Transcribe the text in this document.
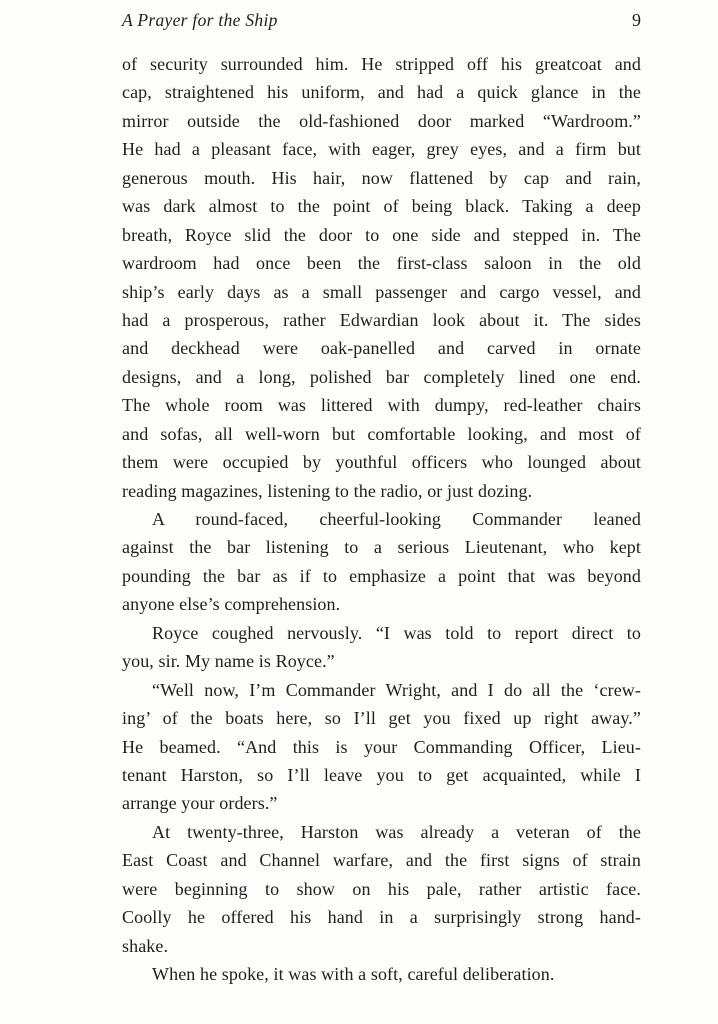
A Prayer for the Ship	9
of security surrounded him. He stripped off his greatcoat and
cap, straightened his uniform, and had a quick glance in the
mirror outside the old-fashioned door marked “Wardroom.”
He had a pleasant face, with eager, grey eyes, and a firm but
generous mouth. His hair, now flattened by cap and rain,
was dark almost to the point of being black. Taking a deep
breath, Royce slid the door to one side and stepped in. The
wardroom had once been the first-class saloon in the old
ship’s early days as a small passenger and cargo vessel, and
had a prosperous, rather Edwardian look about it. The sides
and deckhead were oak-panelled and carved in ornate
designs, and a long, polished bar completely lined one end.
The whole room was littered with dumpy, red-leather chairs
and sofas, all well-worn but comfortable looking, and most of
them were occupied by youthful officers who lounged about
reading magazines, listening to the radio, or just dozing.
A round-faced, cheerful-looking Commander leaned
against the bar listening to a serious Lieutenant, who kept
pounding the bar as if to emphasize a point that was beyond
anyone else’s comprehension.
Royce coughed nervously. “I was told to report direct to
you, sir. My name is Royce.”
“Well now, I’m Commander Wright, and I do all the ‘crew-
ing’ of the boats here, so I’ll get you fixed up right away.”
He beamed. “And this is your Commanding Officer, Lieu-
tenant Harston, so I’ll leave you to get acquainted, while I
arrange your orders.”
At twenty-three, Harston was already a veteran of the
East Coast and Channel warfare, and the first signs of strain
were beginning to show on his pale, rather artistic face.
Coolly he offered his hand in a surprisingly strong hand-
shake.
When he spoke, it was with a soft, careful deliberation.
